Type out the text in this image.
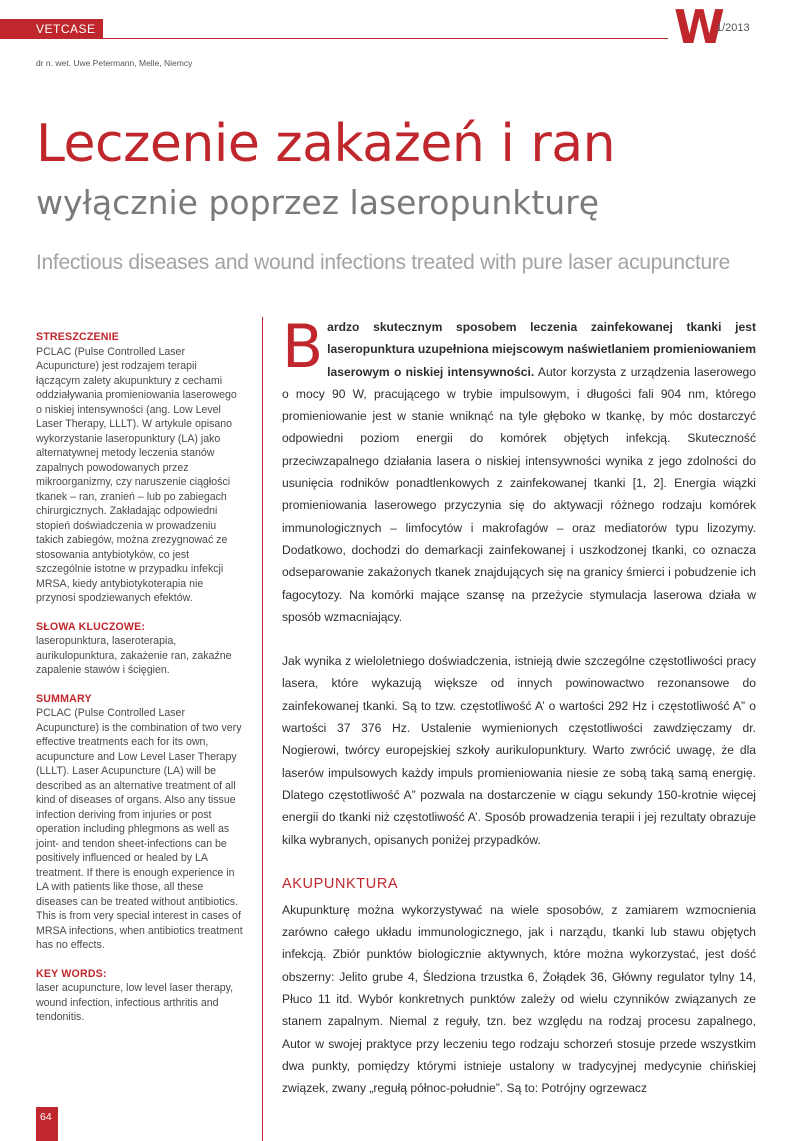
VETCASE	W
1/2013
dr n. wet. Uwe Petermann, Melle, Niemcy
Leczenie zakażeń i ran
wyłącznie poprzez laseropunkturę
Infectious diseases and wound infections treated with pure laser acupuncture
STRESZCZENIE

PCLAC (Pulse Controlled Laser Acupuncture) jest rodzajem terapii łączącym zalety akupunktury z cechami oddziaływania promieniowania laserowego o niskiej intensywności (ang. Low Level Laser Therapy, LLLT). W artykule opisano wykorzystanie laseropunktury (LA) jako alternatywnej metody leczenia stanów zapalnych powodowanych przez mikroorganizmy, czy naruszenie ciągłości tkanek – ran, zranień – lub po zabiegach chirurgicznych. Zakładając odpowiedni stopień doświadczenia w prowadzeniu takich zabiegów, można zrezygnować ze stosowania antybiotyków, co jest szczególnie istotne w przypadku infekcji MRSA, kiedy antybiotykoterapia nie przynosi spodziewanych efektów.

SŁOWA KLUCZOWE:

laseropunktura, laseroterapia, aurikulopunktura, zakażenie ran, zakaźne zapalenie stawów i ścięgien.

SUMMARY

PCLAC (Pulse Controlled Laser Acupuncture) is the combination of two very effective treatments each for its own, acupuncture and Low Level Laser Therapy (LLLT). Laser Acupuncture (LA) will be described as an alternative treatment of all kind of diseases of organs. Also any tissue infection deriving from injuries or post operation including phlegmons as well as joint- and tendon sheet-infections can be positively influenced or healed by LA treatment. If there is enough experience in LA with patients like those, all these diseases can be treated without antibiotics. This is from very special interest in cases of MRSA infections, when antibiotics treatment has no effects.

KEY WORDS:

laser acupuncture, low level laser therapy, wound infection, infectious arthritis and tendonitis.

Bardzo skutecznym sposobem leczenia zainfekowanej tkanki jest laseropunktura uzupełniona miejscowym naświetlaniem promieniowaniem laserowym o niskiej intensywności. Autor korzysta z urządzenia laserowego o mocy 90 W, pracującego w trybie impulsowym, i długości fali 904 nm, którego promieniowanie jest w stanie wniknąć na tyle głęboko w tkankę, by móc dostarczyć odpowiedni poziom energii do komórek objętych infekcją. Skuteczność przeciwzapalnego działania lasera o niskiej intensywności wynika z jego zdolności do usunięcia rodników ponadtlenkowych z zainfekowanej tkanki [1, 2]. Energia wiązki promieniowania laserowego przyczynia się do aktywacji różnego rodzaju komórek immunologicznych – limfocytów i makrofagów – oraz mediatorów typu lizozymy. Dodatkowo, dochodzi do demarkacji zainfekowanej i uszkodzonej tkanki, co oznacza odseparowanie zakażonych tkanek znajdujących się na granicy śmierci i pobudzenie ich fagocytozy. Na komórki mające szansę na przeżycie stymulacja laserowa działa w sposób wzmacniający.

Jak wynika z wieloletniego doświadczenia, istnieją dwie szczególne częstotliwości pracy lasera, które wykazują większe od innych powinowactwo rezonansowe do zainfekowanej tkanki. Są to tzw. częstotliwość A’ o wartości 292 Hz i częstotliwość A” o wartości 37 376 Hz. Ustalenie wymienionych częstotliwości zawdzięczamy dr. Nogierowi, twórcy europejskiej szkoły aurikulopunktury. Warto zwrócić uwagę, że dla laserów impulsowych każdy impuls promieniowania niesie ze sobą taką samą energię. Dlatego częstotliwość A” pozwala na dostarczenie w ciągu sekundy 150-krotnie więcej energii do tkanki niż częstotliwość A’. Sposób prowadzenia terapii i jej rezultaty obrazuje kilka wybranych, opisanych poniżej przypadków.

AKUPUNKTURA

Akupunkturę można wykorzystywać na wiele sposobów, z zamiarem wzmocnienia zarówno całego układu immunologicznego, jak i narządu, tkanki lub stawu objętych infekcją. Zbiór punktów biologicznie aktywnych, które można wykorzystać, jest dość obszerny: Jelito grube 4, Śledziona trzustka 6, Żołądek 36, Główny regulator tylny 14, Płuco 11 itd. Wybór konkretnych punktów zależy od wielu czynników związanych ze stanem zapalnym. Niemal z reguły, tzn. bez względu na rodzaj procesu zapalnego, Autor w swojej praktyce przy leczeniu tego rodzaju schorzeń stosuje przede wszystkim dwa punkty, pomiędzy którymi istnieje ustalony w tradycyjnej medycynie chińskiej związek, zwany „regułą północ-południe”. Są to: Potrójny ogrzewacz

64
